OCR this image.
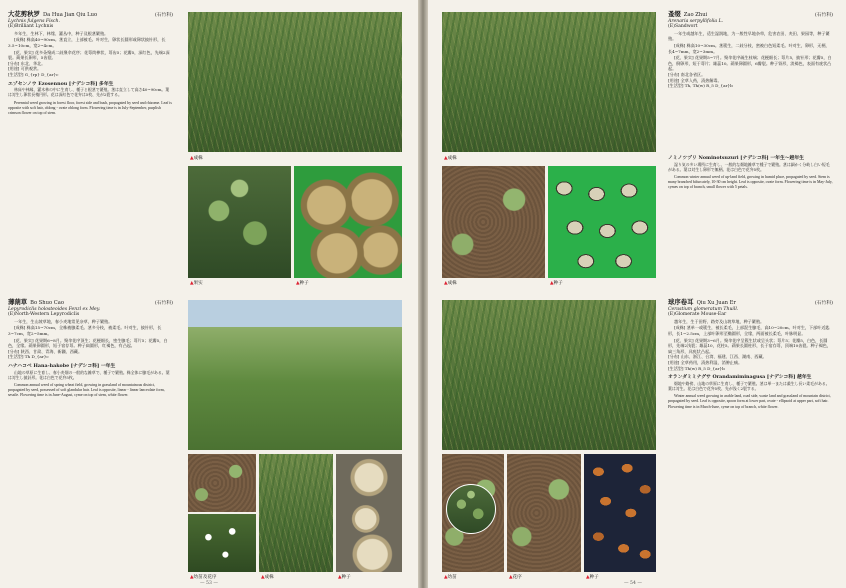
大花剪秋罗 Da Hua Jian Qiu Luo	(石竹科)
Lychnis fulgens Fisch.
(E)Brilliant Lychnis
多年生，生林下、林缘、灌丛中，种子及根茎繁殖。
[成株] 株高40~90cm。茎直立，上部被毛。叶对生，卵状长圆形或卵状披针形，长3.5~10cm，宽2~4cm。
[花、果实] 花多朵聚成二歧聚伞花序；花萼筒棒状，萼齿5；花瓣5，深红色，先端2深裂。蒴果长卵形，5齿裂。
[分布] 东北、华北。
[用途] 可供观赏。
[生活型] G_{rp} D_{ar}c
エゾセンノウ Ezosennou [ナデシコ科] 多年生
林床や林縁、灌木林の中に生育し、種子と根茎で繁殖。茎は直立して高さ40~90cm。葉は対生し卵状長楕円形。花は深紅色で花弁は5枚、先が2裂する。
Perennial weed growing in forest floor, forest side and bush, propagated by seed and rhizome. Leaf is opposite with soft hair, oblong - ovate oblong form. Flowering time is in July-September, purplish crimson flower on top of stem.
▲成株
▲果实	▲种子
薄蒴草 Bo Shuo Cao	(石竹科)
Lepyrodiclis holosteoides Fenzl ex Mey.
(E)North-Western Lepyrodiclis
一年生，生山坡草地，春小麦地常见杂草，种子繁殖。
[成株] 株高15~70cm，全株被腺柔毛。茎多分枝，被柔毛。叶对生，披针形，长3~7cm，宽2~5mm。
[花、果实] 花果期6~8月。聚伞花序顶生；花梗细长，密生腺毛；萼片5；花瓣5，白色，全缘。蒴果卵圆形，短于宿存萼。种子扁圆形，红褐色，有凸起。
[分布] 陕西、甘肃、青海、新疆、西藏。
[生活型] Th D_{ar}c
ハナハコベ Hana-hakobe [ナデシコ科] 一年生
山地の草原に生育し、春小麦畑の一般的な雑草で、種子で繁殖。株全体に腺毛がある。葉は対生し披針形。花は白色で花弁5枚。
Common annual weed of spring wheat field, growing in grassland of mountainous district, propagated by seed, possessed of soft glandular hair. Leaf is opposite, linear - linear lanceolate form, sessile. Flowering time is in June-August, cyme on top of stem, white flower.
▲幼苗及花序	▲成株	▲种子
— 53 —
▲成株
蚤缀 Zao Zhui	(石竹科)
Arenaria serpyllifolia L.
(E)Sandwort
一年生或越年生，适生湿润地，为一般性早地杂草，危害农田、麦田、果园等，种子繁殖。
[成株] 株高10~30cm。茎簇生，二歧分枝，密被白色短柔毛。叶对生，卵形，无柄，长4~7mm，宽2~3mm。
[花、果实] 花果期5~7月。聚伞花序疏生枝端；花梗细长；萼片5，披针形；花瓣5，白色，倒卵形，短于萼片；雄蕊10。蒴果卵圆形，6瓣裂。种子肾形，淡褐色，表面有疣状凸起。
[分布] 南北各省区。
[用途] 全草入药，清热解毒。
[生活型] Th, Th(w) R_5 D_{ar}b
▲成株	▲种子
ノミノツヅリ Nominotsuzuri [ナデシコ科] 一年生～越年生
湿り気の多い場所に生育し、一般的な畑地雑草で種子で繁殖。茎は細かく分岐し白い短毛がある。葉は対生し卵形で無柄。花は白色で花弁5枚。
Common winter annual weed of up-land field, growing in humid place, propagated by seed. Stem is many branched bifurcately, 10-30 cm height. Leaf is opposite, ovate form. Flowering time is in May-July, cymes on top of branch, small flower with 5 petals.
▲幼苗	▲花序	▲种子
球序卷耳 Qiu Xu Juan Er	(石竹科)
Cerastium glomeratum Thuill.
(E)Glomerate Mouse-Ear
越年生，生于田野、路旁及山坡草地，种子繁殖。
[成株] 茎单一或簇生，被长柔毛，上部混生腺毛，高10~20cm。叶对生，下部叶近匙形，长1~2.5cm，上部叶卵形至椭圆形，全缘，两面被长柔毛，叶脉明显。
[花、果实] 花果期3~6月。聚伞花序呈簇生状或呈头状；萼片5；花瓣5，白色，长圆形，先端2浅裂；雄蕊10，花柱5。蒴果长圆柱形，长于宿存萼，顶端10齿裂。种子褐色，扁三角形，具疣状凸起。
[分布] 山东、浙江、台湾、福建、江西、湖南、西藏。
[用途] 全草药用，清热利湿，消肿止痛。
[生活型] Th(w) R_5 D_{ar}b
オランダミミナグサ Orandamiminagusa [ナデシコ科] 越年生
畑地や路傍、山地の草原に生育し、種子で繁殖。茎は単一または叢生し長い柔毛がある。葉は対生。花は白色で花弁5枚、先が浅く2裂する。
Winter annual weed growing in arable land, road side, waste land and grassland of mountain district, propagated by seed. Leaf is opposite, spoon form at lower part, ovate - ellipsoid at upper part, soft hair. Flowering time is in March-June, cyme on top of branch, white flower.
— 54 —
